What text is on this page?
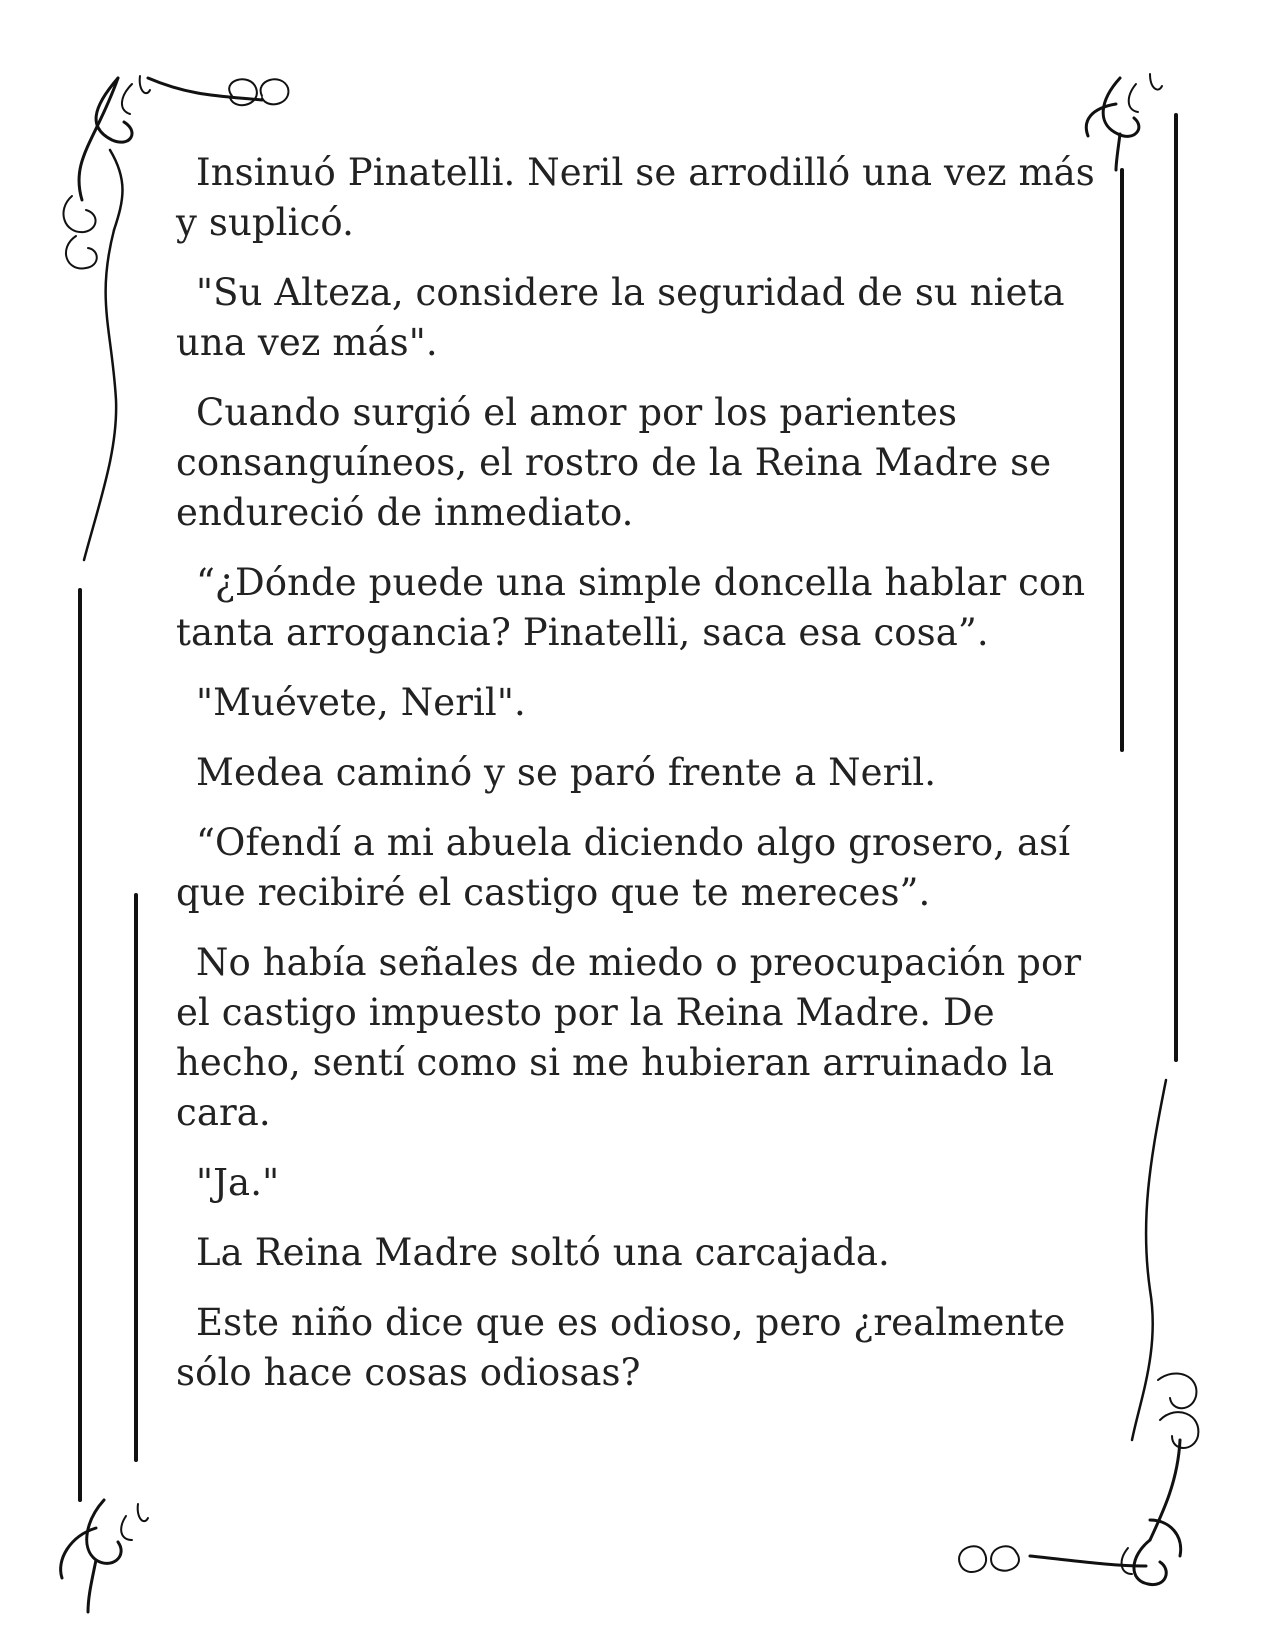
Insinuó Pinatelli. Neril se arrodilló una vez más y suplicó.

"Su Alteza, considere la seguridad de su nieta una vez más".

Cuando surgió el amor por los parientes consanguíneos, el rostro de la Reina Madre se endureció de inmediato.

“¿Dónde puede una simple doncella hablar con tanta arrogancia? Pinatelli, saca esa cosa”.

"Muévete, Neril".

Medea caminó y se paró frente a Neril.

“Ofendí a mi abuela diciendo algo grosero, así que recibiré el castigo que te mereces”.

No había señales de miedo o preocupación por el castigo impuesto por la Reina Madre. De hecho, sentí como si me hubieran arruinado la cara.

"Ja."

La Reina Madre soltó una carcajada.

Este niño dice que es odioso, pero ¿realmente sólo hace cosas odiosas?
